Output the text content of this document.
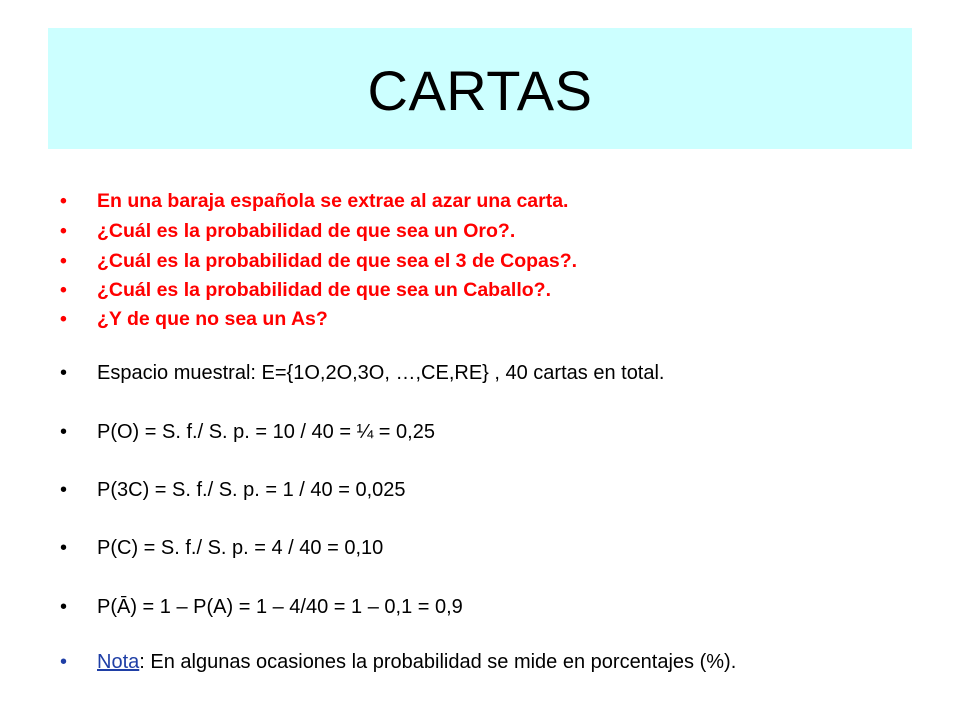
CARTAS
•	En una baraja española se extrae al azar una carta.
•	¿Cuál es la probabilidad de que sea un Oro?.
•	¿Cuál es la probabilidad de que sea el 3 de Copas?.
•	¿Cuál es la probabilidad de que sea un Caballo?.
•	¿Y de que no sea un As?
•	Espacio muestral: E={1O,2O,3O, …,CE,RE} , 40 cartas en total.
•	P(O) = S. f./ S. p. = 10 / 40 = ¼ = 0,25
•	P(3C) = S. f./ S. p. = 1 / 40 = 0,025
•	P(C) = S. f./ S. p. = 4 / 40 = 0,10
•	P(Ā) = 1 – P(A) = 1 – 4/40 = 1 – 0,1 = 0,9
•	Nota : En algunas ocasiones la probabilidad se mide en porcentajes (%).
